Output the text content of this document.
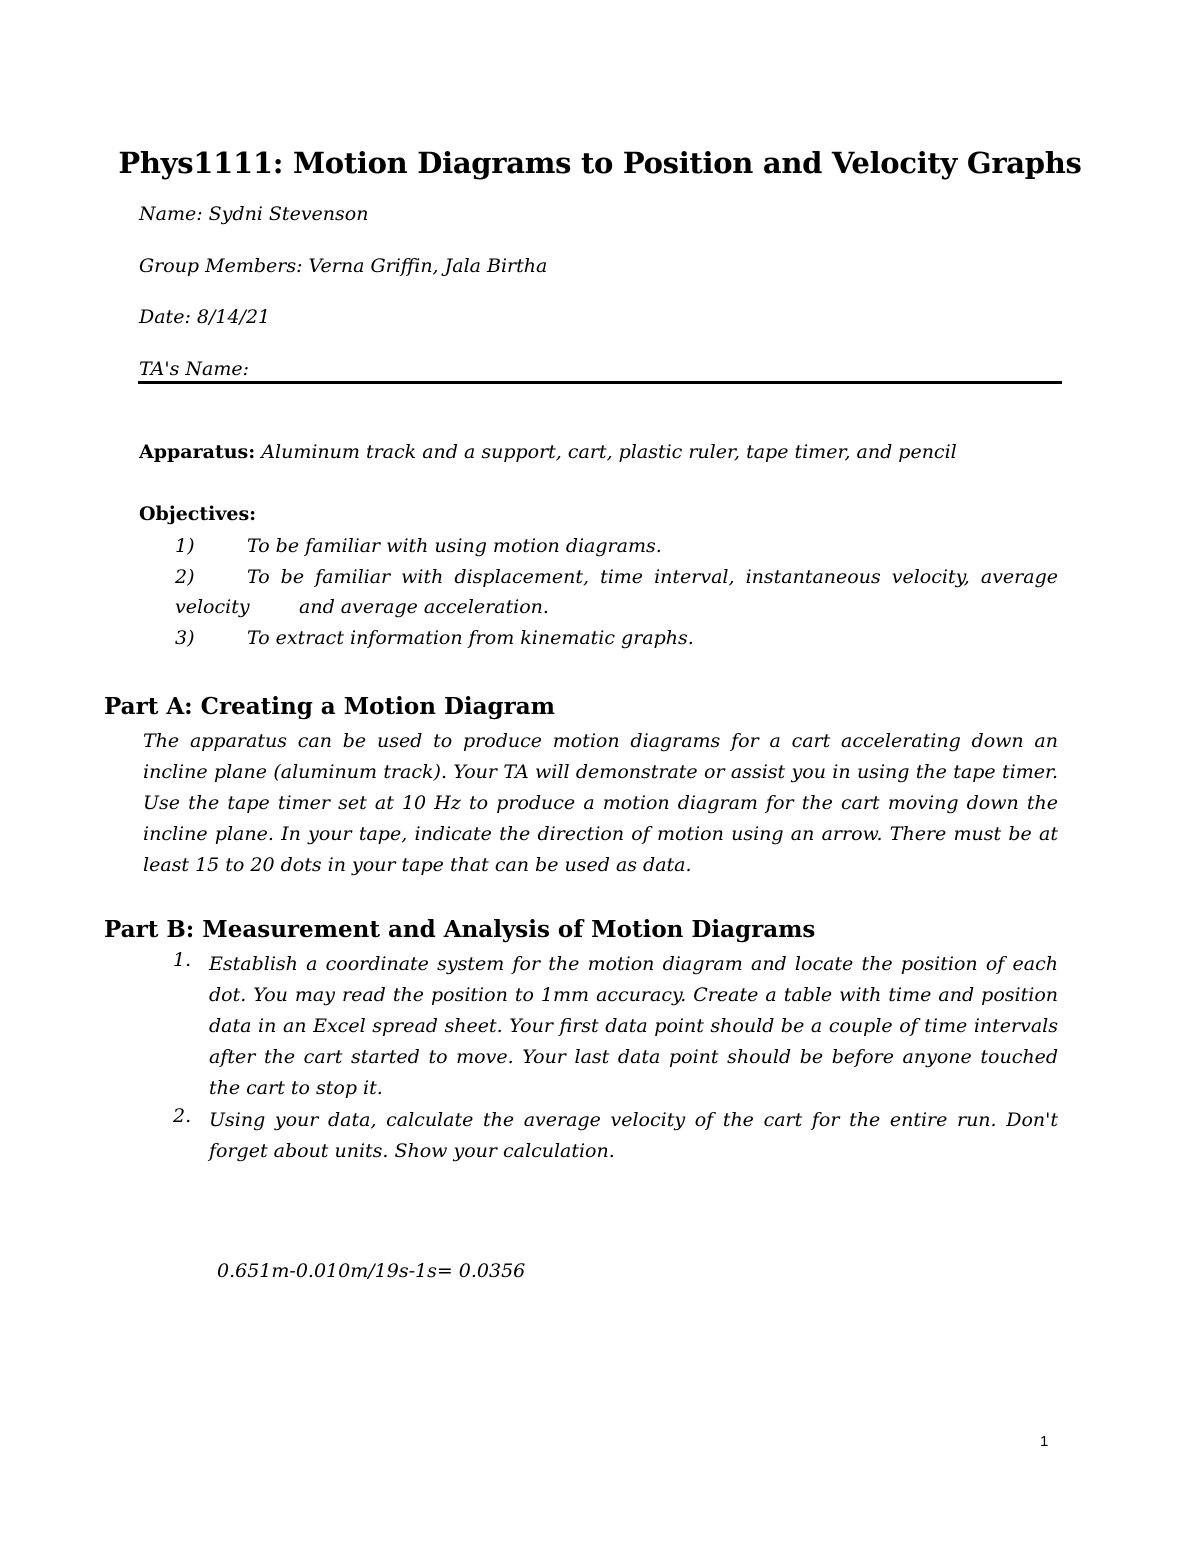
Phys1111: Motion Diagrams to Position and Velocity Graphs
Name: Sydni Stevenson
Group Members: Verna Griffin, Jala Birtha
Date: 8/14/21
TA's Name:
Apparatus: Aluminum track and a support, cart, plastic ruler, tape timer, and pencil
Objectives:
1)	To be familiar with using motion diagrams.
2)	To be familiar with displacement, time interval, instantaneous velocity, average
velocity	and average acceleration.
3)	To extract information from kinematic graphs.
Part A: Creating a Motion Diagram
The apparatus can be used to produce motion diagrams for a cart accelerating down an incline plane (aluminum track). Your TA will demonstrate or assist you in using the tape timer. Use the tape timer set at 10 Hz to produce a motion diagram for the cart moving down the incline plane. In your tape, indicate the direction of motion using an arrow. There must be at least 15 to 20 dots in your tape that can be used as data.
Part B: Measurement and Analysis of Motion Diagrams
1. Establish a coordinate system for the motion diagram and locate the position of each dot. You may read the position to 1mm accuracy. Create a table with time and position data in an Excel spread sheet. Your first data point should be a couple of time intervals after the cart started to move. Your last data point should be before anyone touched the cart to stop it.
2. Using your data, calculate the average velocity of the cart for the entire run. Don't forget about units. Show your calculation.
0.651m-0.010m/19s-1s= 0.0356
1
